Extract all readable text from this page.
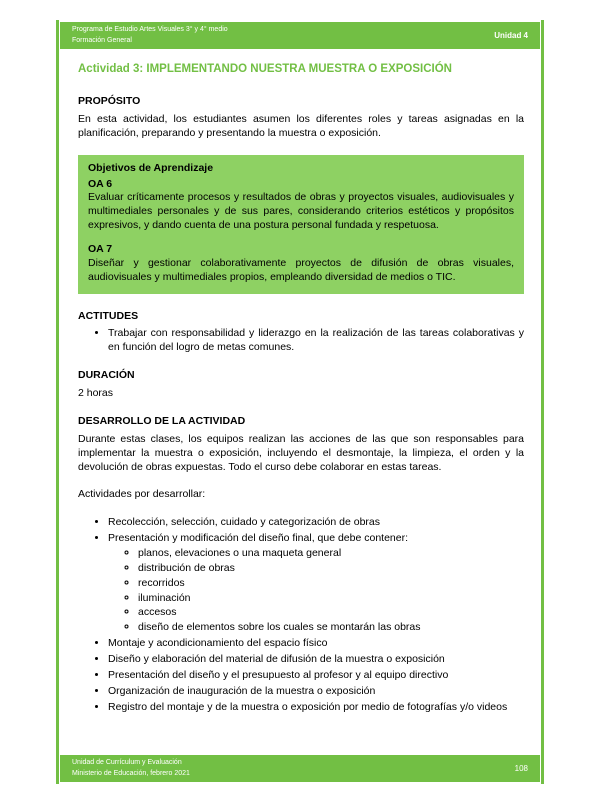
Programa de Estudio Artes Visuales 3° y 4° medio
Formación General	Unidad 4
Actividad 3: IMPLEMENTANDO NUESTRA MUESTRA O EXPOSICIÓN
PROPÓSITO

En esta actividad, los estudiantes asumen los diferentes roles y tareas asignadas en la planificación, preparando y presentando la muestra o exposición.

Objetivos de Aprendizaje
OA 6
Evaluar críticamente procesos y resultados de obras y proyectos visuales, audiovisuales y multimediales personales y de sus pares, considerando criterios estéticos y propósitos expresivos, y dando cuenta de una postura personal fundada y respetuosa.
OA 7
Diseñar y gestionar colaborativamente proyectos de difusión de obras visuales, audiovisuales y multimediales propios, empleando diversidad de medios o TIC.
ACTITUDES
• Trabajar con responsabilidad y liderazgo en la realización de las tareas colaborativas y en función del logro de metas comunes.
DURACIÓN

2 horas

DESARROLLO DE LA ACTIVIDAD

Durante estas clases, los equipos realizan las acciones de las que son responsables para implementar la muestra o exposición, incluyendo el desmontaje, la limpieza, el orden y la devolución de obras expuestas. Todo el curso debe colaborar en estas tareas.

Actividades por desarrollar:

• Recolección, selección, cuidado y categorización de obras
• Presentación y modificación del diseño final, que debe contener:
◦ planos, elevaciones o una maqueta general
◦ distribución de obras
◦ recorridos
◦ iluminación
◦ accesos
◦ diseño de elementos sobre los cuales se montarán las obras
• Montaje y acondicionamiento del espacio físico
• Diseño y elaboración del material de difusión de la muestra o exposición
• Presentación del diseño y el presupuesto al profesor y al equipo directivo
• Organización de inauguración de la muestra o exposición
• Registro del montaje y de la muestra o exposición por medio de fotografías y/o videos
Unidad de Currículum y Evaluación
Ministerio de Educación, febrero 2021	108
